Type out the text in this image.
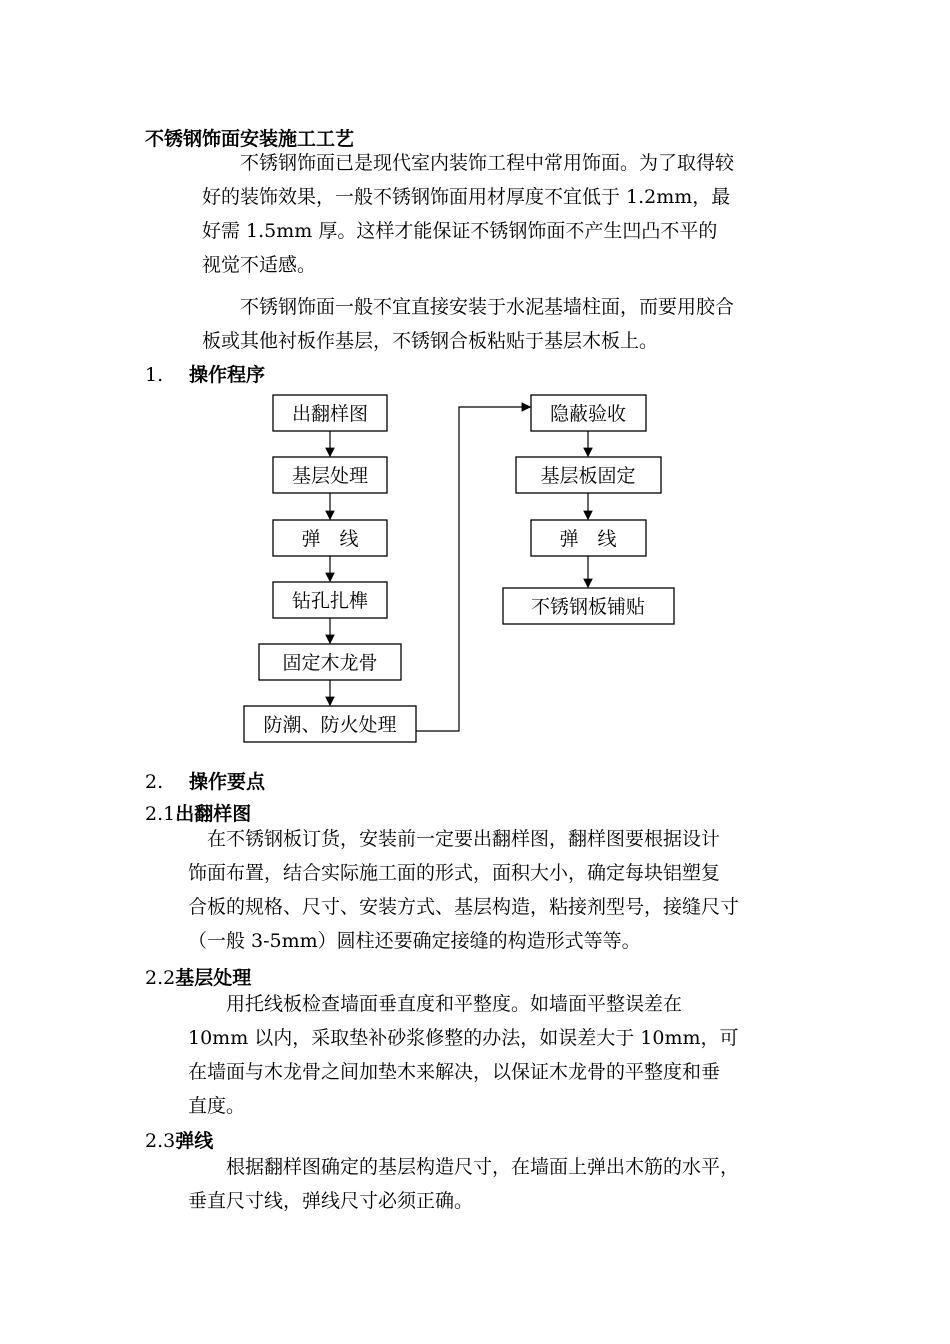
不锈钢饰面安装施工工艺
　　不锈钢饰面已是现代室内装饰工程中常用饰面。为了取得较
好的装饰效果，一般不锈钢饰面用材厚度不宜低于 1.2mm，最
好需 1.5mm 厚。这样才能保证不锈钢饰面不产生凹凸不平的
视觉不适感。
　　不锈钢饰面一般不宜直接安装于水泥基墙柱面，而要用胶合
板或其他衬板作基层，不锈钢合板粘贴于基层木板上。
1. 操作程序
出翻样图
基层处理
弹　线
钻孔扎榫
固定木龙骨
防潮、防火处理
隐蔽验收
基层板固定
弹　线
不锈钢板铺贴
2. 操作要点
2.1出翻样图
　在不锈钢板订货，安装前一定要出翻样图，翻样图要根据设计
饰面布置，结合实际施工面的形式，面积大小，确定每块铝塑复
合板的规格、尺寸、安装方式、基层构造，粘接剂型号，接缝尺寸
（一般 3-5mm）圆柱还要确定接缝的构造形式等等。
2.2基层处理
　　用托线板检查墙面垂直度和平整度。如墙面平整误差在
10mm 以内，采取垫补砂浆修整的办法，如误差大于 10mm，可
在墙面与木龙骨之间加垫木来解决，以保证木龙骨的平整度和垂
直度。
2.3弹线
　　根据翻样图确定的基层构造尺寸，在墙面上弹出木筋的水平，
垂直尺寸线，弹线尺寸必须正确。
